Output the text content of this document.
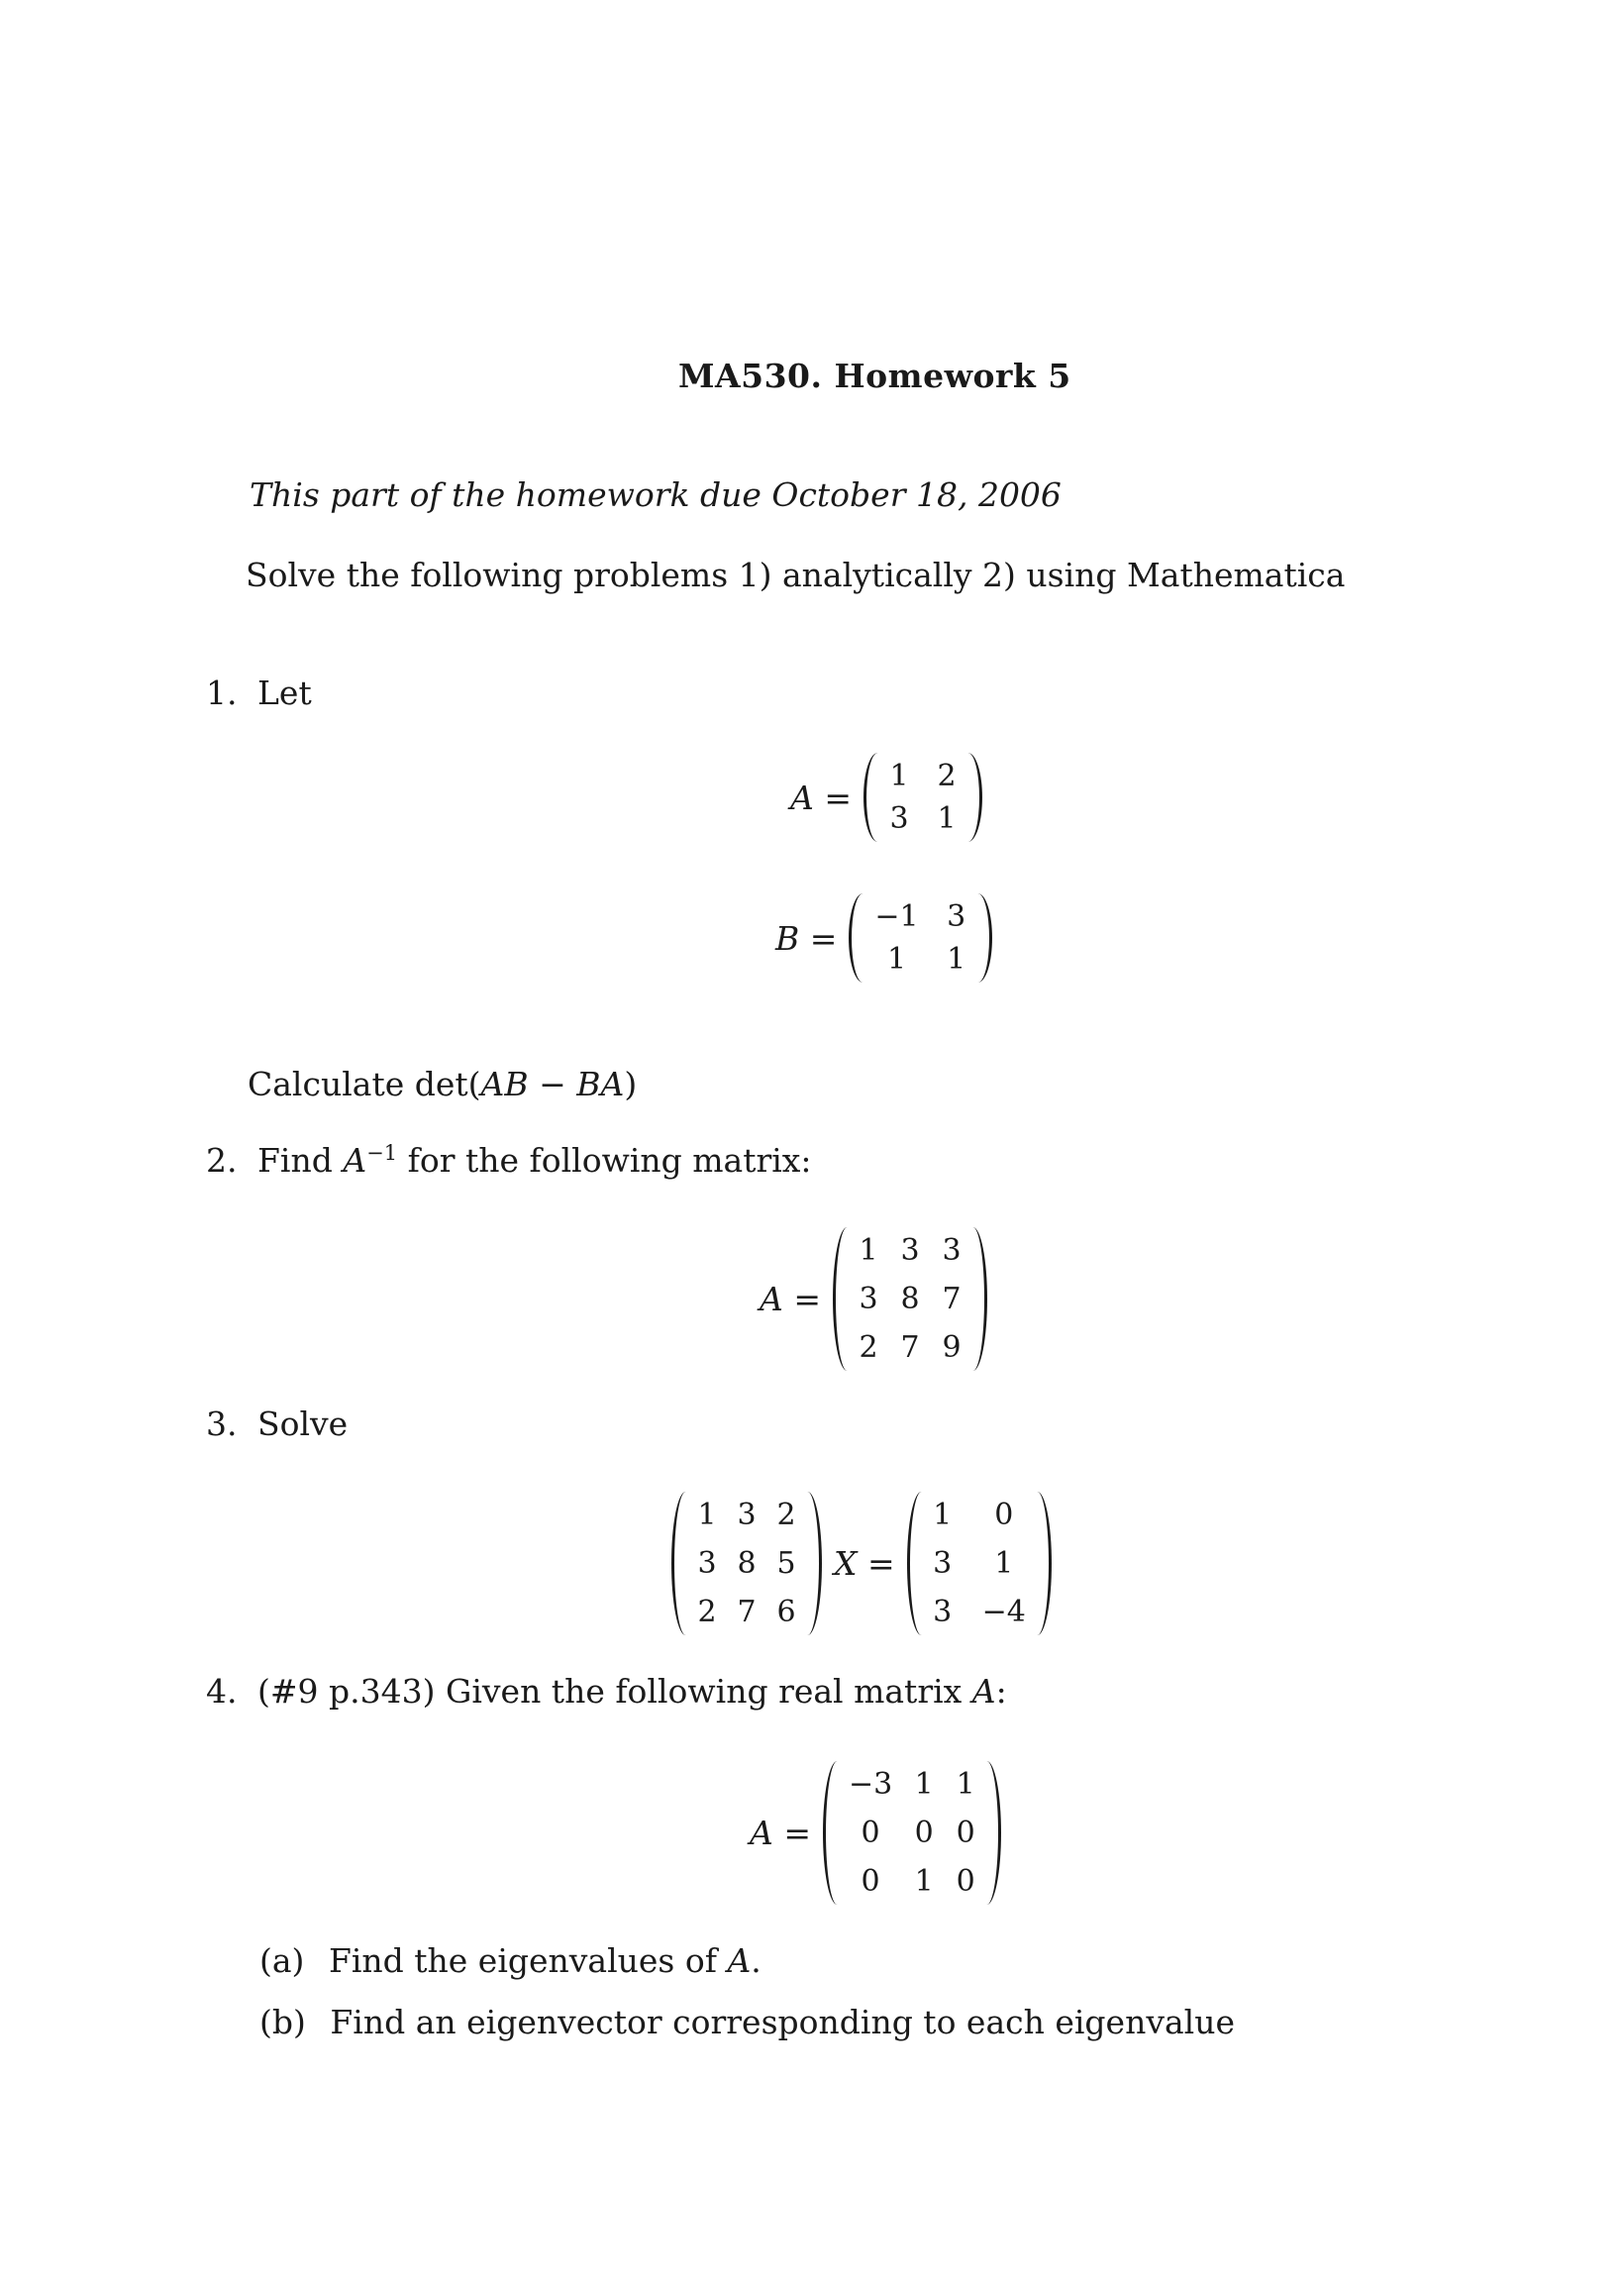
MA530. Homework 5
This part of the homework due October 18, 2006
Solve the following problems 1) analytically 2) using Mathematica
1. Let
A =
1 2
3 1
B =
−1 3
1	1
Calculate det(AB − BA)
2. Find $A^{-1}$ for the following matrix:
A =
1 3 3
3 8 7
2 7 9
3. Solve
1 3 2
3 8 5
2 7 6
X =
1	0
3	1
3 −4
4. (#9 p.343) Given the following real matrix A:
A =
−3 1 1
0	0 0
0	1 0
(a) Find the eigenvalues of A.
(b) Find an eigenvector corresponding to each eigenvalue
